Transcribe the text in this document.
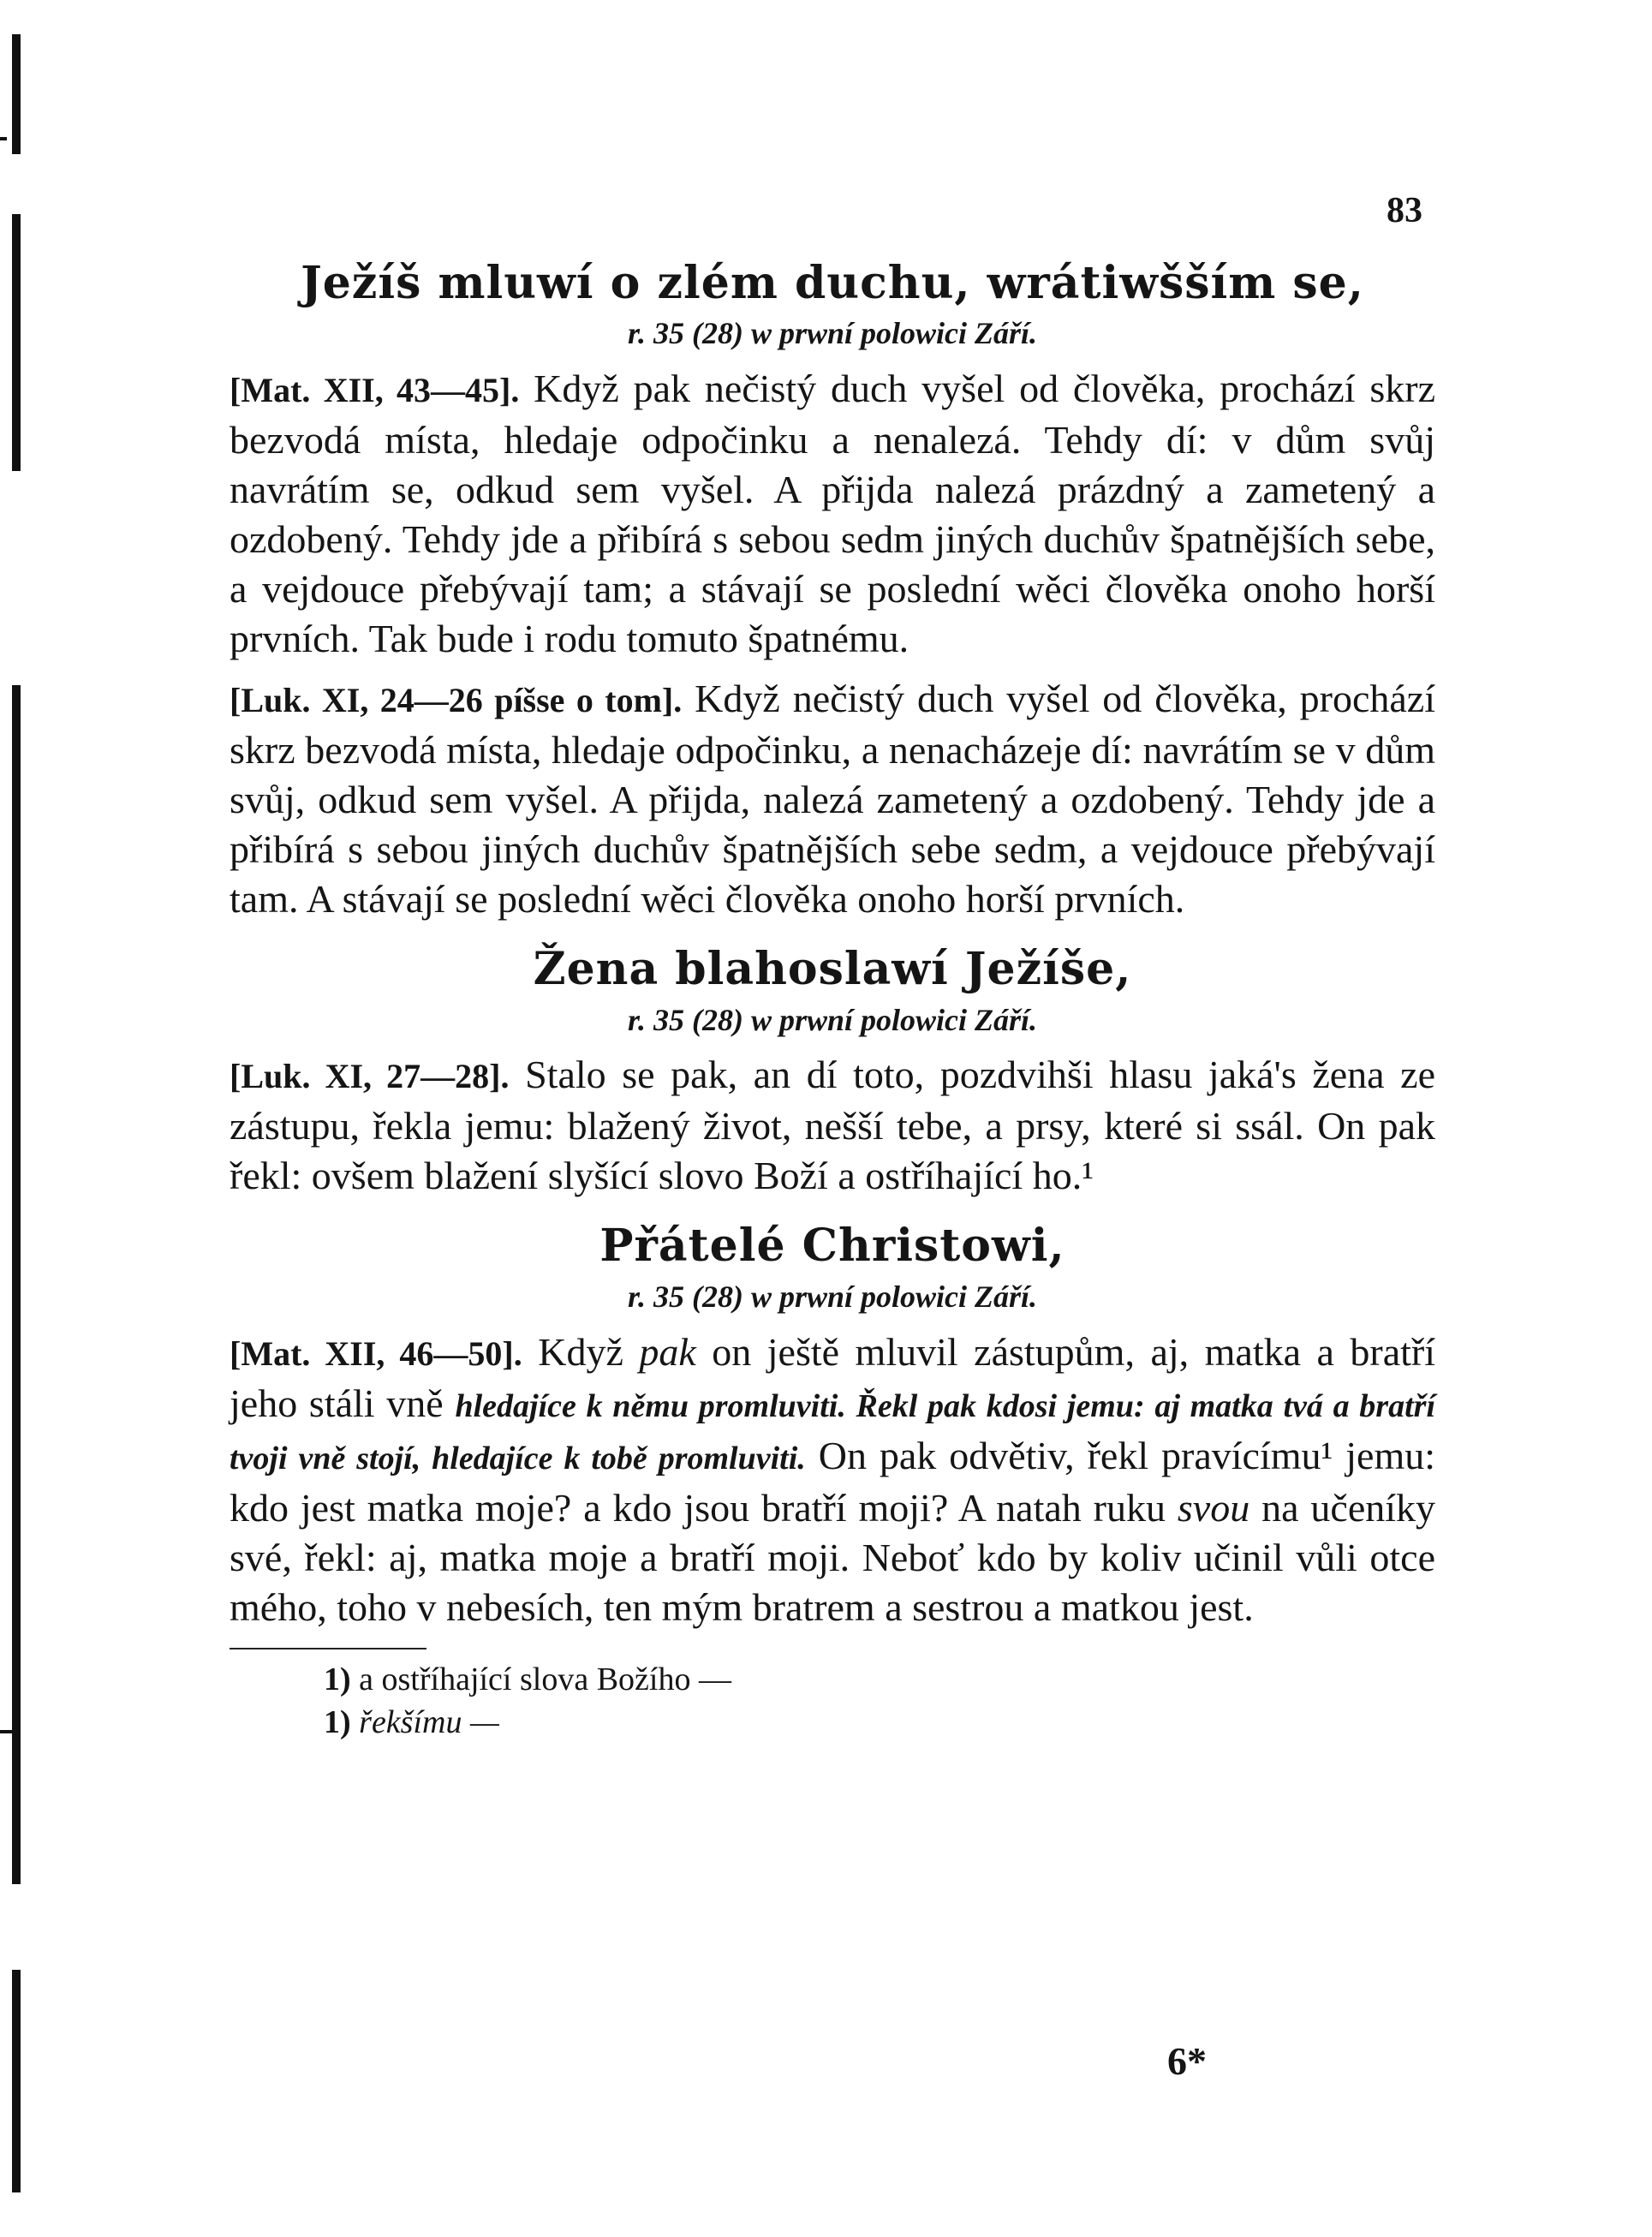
83
Ježíš mluwí o zlém duchu, wrátiwšším se,
r. 35 (28) w prwní polowici Září.
[Mat. XII, 43—45]. Když pak nečistý duch vyšel od člověka, prochází skrz bezvodá místa, hledaje odpočinku a nenalezá. Tehdy dí: v dům svůj navrátím se, odkud sem vyšel. A přijda nalezá prázdný a zametený a ozdobený. Tehdy jde a přibírá s sebou sedm jiných duchův špatnějších sebe, a vejdouce přebývají tam; a stávají se poslední wěci člověka onoho horší prvních. Tak bude i rodu tomuto špatnému.
[Luk. XI, 24—26 píšse o tom]. Když nečistý duch vyšel od člověka, prochází skrz bezvodá místa, hledaje odpočinku, a nenacházeje dí: navrátím se v dům svůj, odkud sem vyšel. A přijda, nalezá zametený a ozdobený. Tehdy jde a přibírá s sebou jiných duchův špatnějších sebe sedm, a vejdouce přebývají tam. A stávají se poslední wěci člověka onoho horší prvních.
Žena blahoslawí Ježíše,
r. 35 (28) w prwní polowici Září.
[Luk. XI, 27—28]. Stalo se pak, an dí toto, pozdvihši hlasu jaká's žena ze zástupu, řekla jemu: blažený život, nešší tebe, a prsy, které si ssál. On pak řekl: ovšem blažení slyšící slovo Boží a ostříhající ho.¹
Přátelé Christowi,
r. 35 (28) w prwní polowici Září.
[Mat. XII, 46—50]. Když pak on ještě mluvil zástupům, aj, matka a bratří jeho stáli vně hledajíce k němu promluviti. Řekl pak kdosi jemu: aj matka tvá a bratří tvoji vně stojí, hledajíce k tobě promluviti. On pak odvětiv, řekl pravícímu¹ jemu: kdo jest matka moje? a kdo jsou bratří moji? A natah ruku svou na učeníky své, řekl: aj, matka moje a bratří moji. Neboť kdo by koliv učinil vůli otce mého, toho v nebesích, ten mým bratrem a sestrou a matkou jest.
1) a ostříhající slova Božího —
1) řekšímu —
6*
